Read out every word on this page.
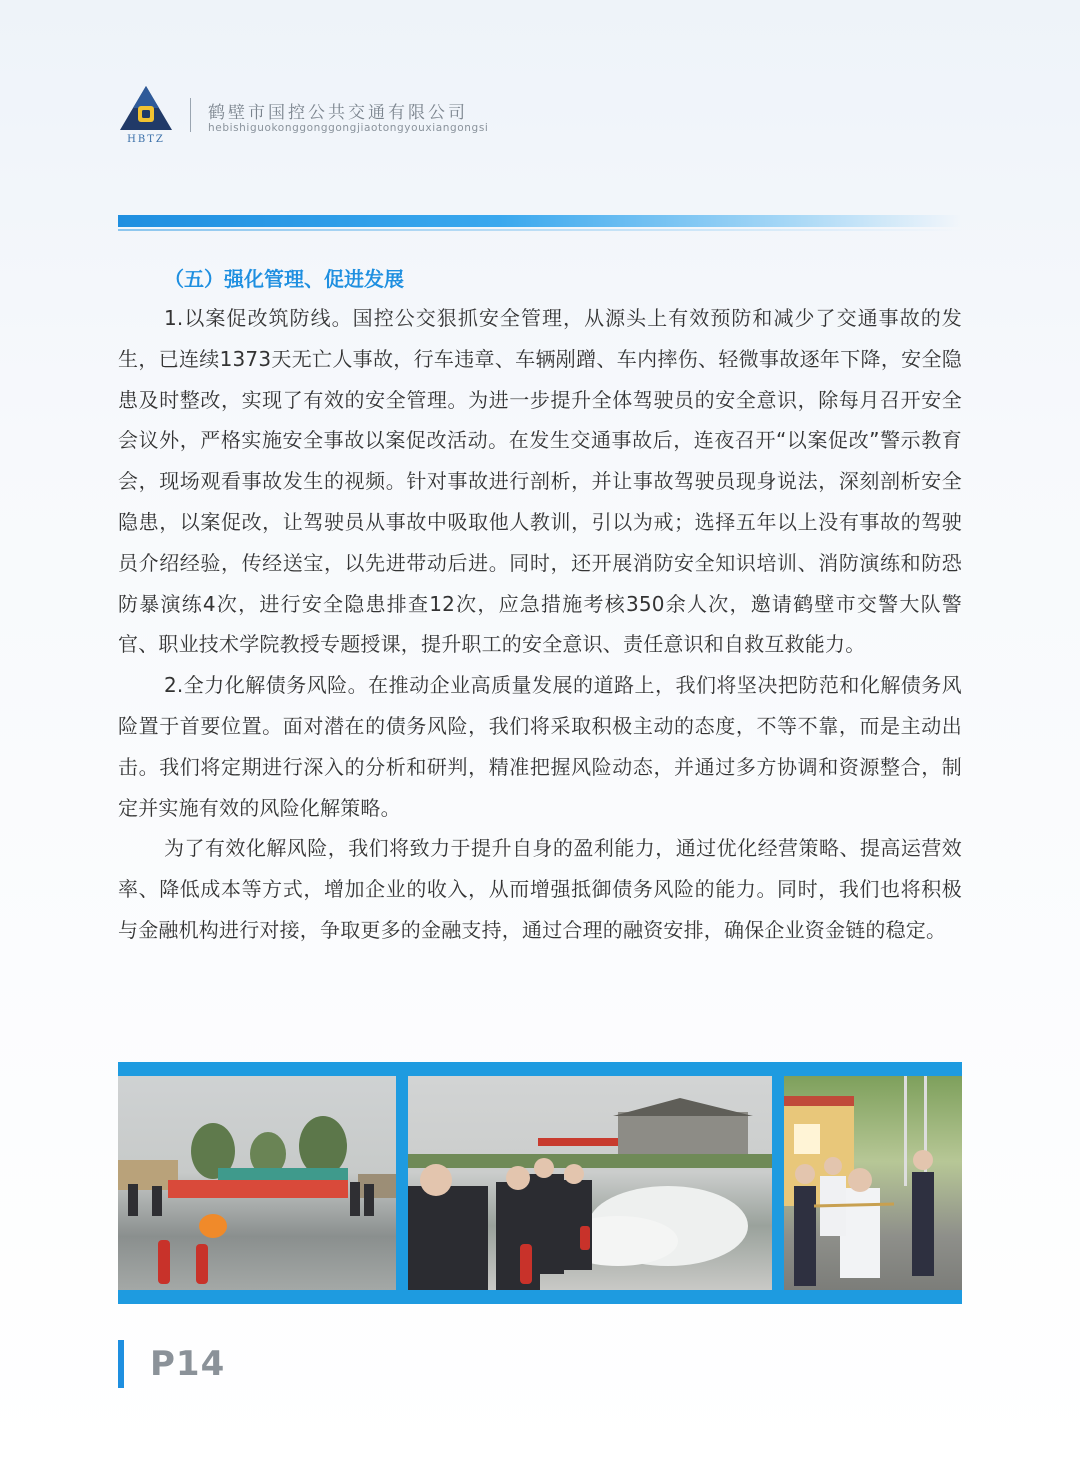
HBTZ
鹤壁市国控公共交通有限公司
hebishiguokonggonggongjiaotongyouxiangongsi
（五）强化管理、促进发展

1.以案促改筑防线。国控公交狠抓安全管理，从源头上有效预防和减少了交通事故的发生，已连续1373天无亡人事故，行车违章、车辆剐蹭、车内摔伤、轻微事故逐年下降，安全隐患及时整改，实现了有效的安全管理。为进一步提升全体驾驶员的安全意识，除每月召开安全会议外，严格实施安全事故以案促改活动。在发生交通事故后，连夜召开“以案促改”警示教育会，现场观看事故发生的视频。针对事故进行剖析，并让事故驾驶员现身说法，深刻剖析安全隐患，以案促改，让驾驶员从事故中吸取他人教训，引以为戒；选择五年以上没有事故的驾驶员介绍经验，传经送宝，以先进带动后进。同时，还开展消防安全知识培训、消防演练和防恐防暴演练4次，进行安全隐患排查12次，应急措施考核350余人次，邀请鹤壁市交警大队警官、职业技术学院教授专题授课，提升职工的安全意识、责任意识和自救互救能力。

2.全力化解债务风险。在推动企业高质量发展的道路上，我们将坚决把防范和化解债务风险置于首要位置。面对潜在的债务风险，我们将采取积极主动的态度，不等不靠，而是主动出击。我们将定期进行深入的分析和研判，精准把握风险动态，并通过多方协调和资源整合，制定并实施有效的风险化解策略。

为了有效化解风险，我们将致力于提升自身的盈利能力，通过优化经营策略、提高运营效率、降低成本等方式，增加企业的收入，从而增强抵御债务风险的能力。同时，我们也将积极与金融机构进行对接，争取更多的金融支持，通过合理的融资安排，确保企业资金链的稳定。

P14
